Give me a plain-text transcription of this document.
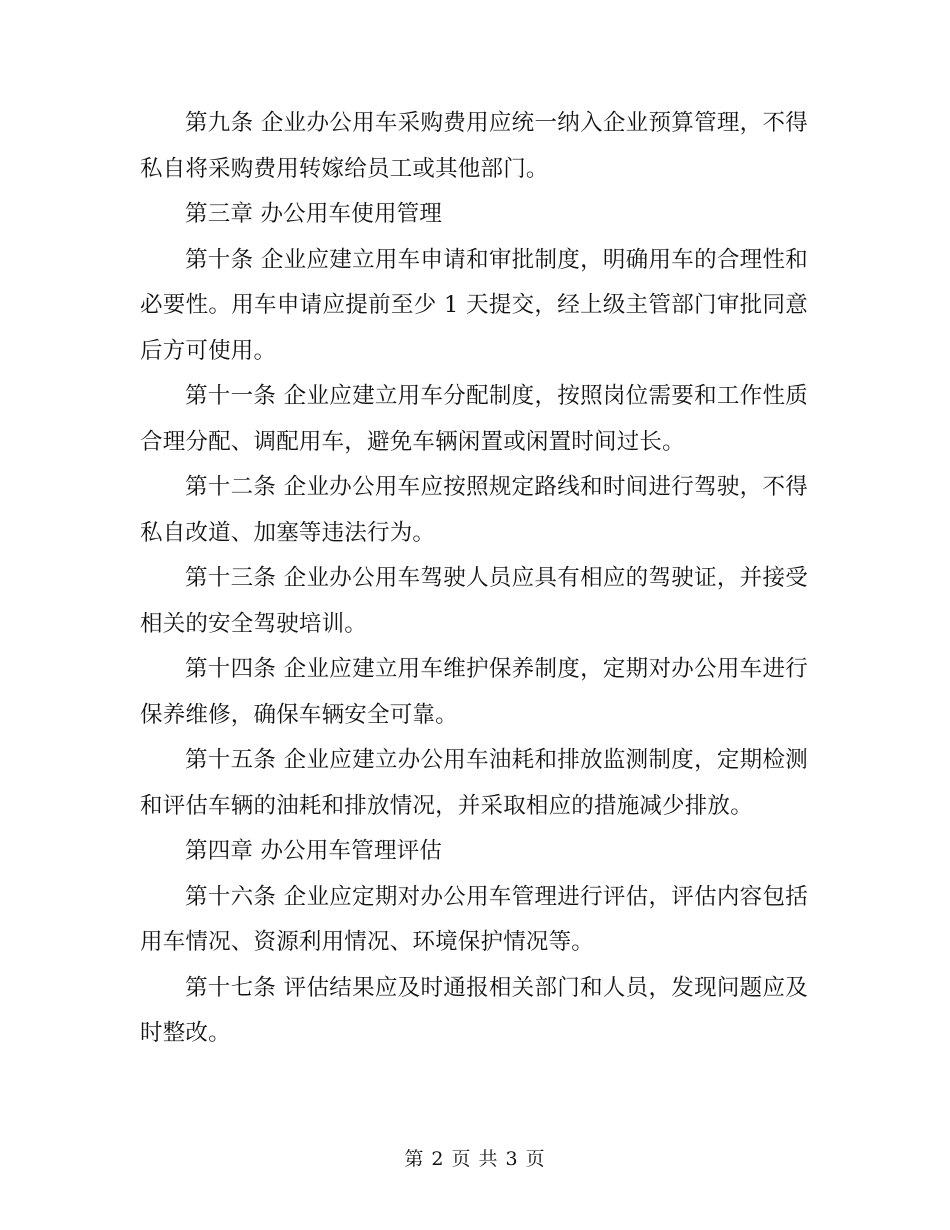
第九条 企业办公用车采购费用应统一纳入企业预算管理，不得私自将采购费用转嫁给员工或其他部门。

第三章 办公用车使用管理

第十条 企业应建立用车申请和审批制度，明确用车的合理性和必要性。用车申请应提前至少 1 天提交，经上级主管部门审批同意后方可使用。

第十一条 企业应建立用车分配制度，按照岗位需要和工作性质合理分配、调配用车，避免车辆闲置或闲置时间过长。

第十二条 企业办公用车应按照规定路线和时间进行驾驶，不得私自改道、加塞等违法行为。

第十三条 企业办公用车驾驶人员应具有相应的驾驶证，并接受相关的安全驾驶培训。

第十四条 企业应建立用车维护保养制度，定期对办公用车进行保养维修，确保车辆安全可靠。

第十五条 企业应建立办公用车油耗和排放监测制度，定期检测和评估车辆的油耗和排放情况，并采取相应的措施减少排放。

第四章 办公用车管理评估

第十六条 企业应定期对办公用车管理进行评估，评估内容包括用车情况、资源利用情况、环境保护情况等。

第十七条 评估结果应及时通报相关部门和人员，发现问题应及时整改。

第 2 页 共 3 页
